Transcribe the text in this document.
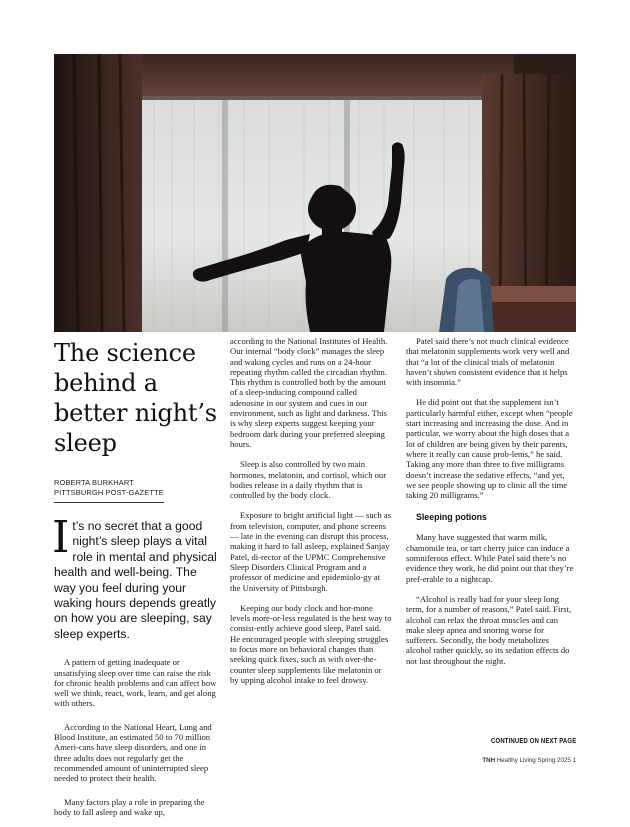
The science behind a better night’s sleep
ROBERTA BURKHART
PITTSBURGH POST-GAZETTE
It’s no secret that a good night’s sleep plays a vital role in mental and physical health and well-being. The way you feel during your waking hours depends greatly on how you are sleeping, say sleep experts.

A pattern of getting inadequate or unsatisfying sleep over time can raise the risk for chronic health problems and can affect how well we think, react, work, learn, and get along with others.

According to the National Heart, Lung and Blood Institute, an estimated 50 to 70 million Ameri-cans have sleep disorders, and one in three adults does not regularly get the recommended amount of uninterrupted sleep needed to protect their health.

Many factors play a role in preparing the body to fall asleep and wake up,

according to the National Institutes of Health. Our internal “body clock” manages the sleep and waking cycles and runs on a 24-hour repeating rhythm called the circadian rhythm. This rhythm is controlled both by the amount of a sleep-inducing compound called adenosine in our system and cues in our environment, such as light and darkness. This is why sleep experts suggest keeping your bedroom dark during your preferred sleeping hours.

Sleep is also controlled by two main hormones, melatonin, and cortisol, which our bodies release in a daily rhythm that is controlled by the body clock.

Exposure to bright artificial light — such as from television, computer, and phone screens — late in the evening can disrupt this process, making it hard to fall asleep, explained Sanjay Patel, di-rector of the UPMC Comprehensive Sleep Disorders Clinical Program and a professor of medicine and epidemiolo-gy at the University of Pittsburgh.

Keeping our body clock and hor-mone levels more-or-less regulated is the best way to consist-ently achieve good sleep, Patel said. He encouraged people with sleeping struggles to focus more on behavioral changes than seeking quick fixes, such as with over-the-counter sleep supplements like melatonin or by upping alcohol intake to feel drowsy.

Patel said there’s not much clinical evidence that melatonin supplements work very well and that “a lot of the clinical trials of melatonin haven’t shown consistent evidence that it helps with insomnia.”

He did point out that the supplement isn’t particularly harmful either, except when “people start increasing and increasing the dose. And in particular, we worry about the high doses that a lot of children are being given by their parents, where it really can cause prob-lems,” he said. Taking any more than three to five milligrams doesn’t increase the sedative effects, “and yet, we see people showing up to clinic all the time taking 20 milligrams.”

Sleeping potions

Many have suggested that warm milk, chamomile tea, or tart cherry juice can induce a somniferous effect. While Patel said there’s no evidence they work, he did point out that they’re pref-erable to a nightcap.

“Alcohol is really bad for your sleep long term, for a number of reasons,” Patel said. First, alcohol can relax the throat muscles and can make sleep apnea and snoring worse for sufferers. Secondly, the body metabolizes alcohol rather quickly, so its sedation effects do not last throughout the night.

CONTINUED ON NEXT PAGE
TNH Healthy Living Spring 2025 1
